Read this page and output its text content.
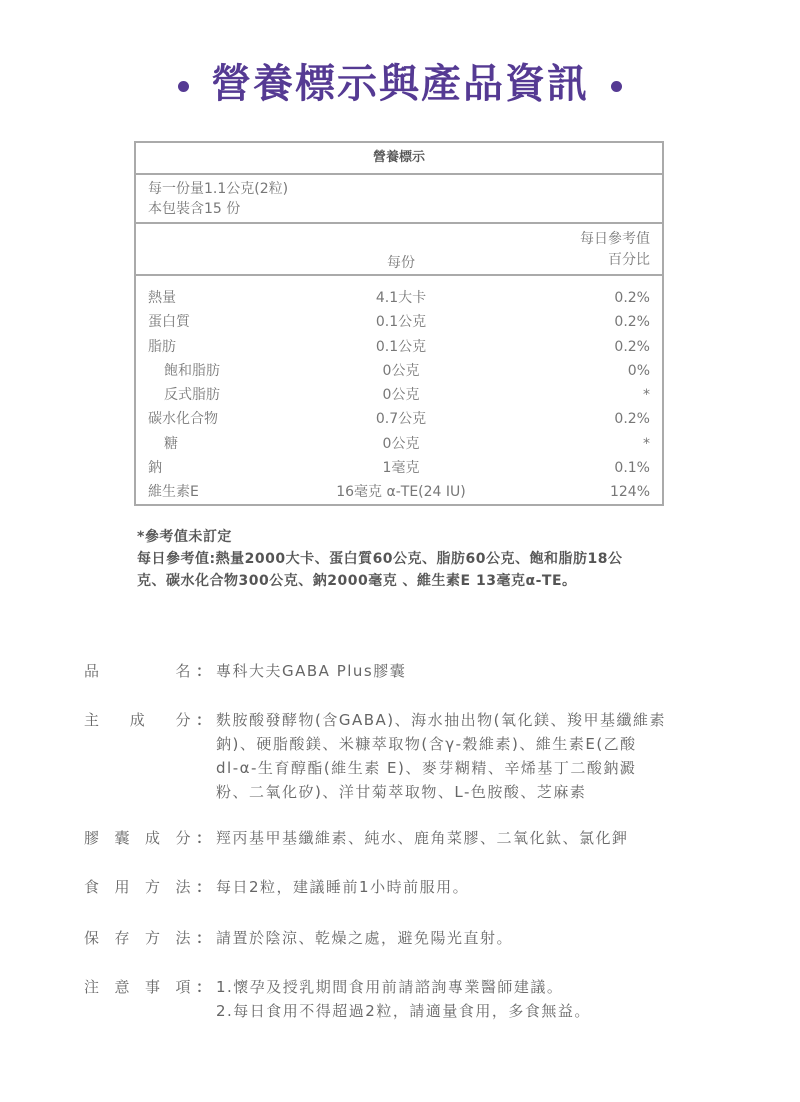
營養標示與產品資訊
營養標示
每一份量1.1公克(2粒)
本包裝含15 份
每份
每日參考值
百分比
熱量	4.1大卡	0.2%
蛋白質	0.1公克	0.2%
脂肪	0.1公克	0.2%
飽和脂肪	0公克	0%
反式脂肪	0公克	*
碳水化合物	0.7公克	0.2%
糖	0公克	*
鈉	1毫克	0.1%
維生素E	16毫克 α-TE(24 IU)	124%
*參考值未訂定
每日參考值:熱量2000大卡、蛋白質60公克、脂肪60公克、飽和脂肪18公
克、碳水化合物300公克、鈉2000毫克 、維生素E 13毫克α-TE。
品名 ： 專科大夫GABA Plus膠囊
主成分 ： 麩胺酸發酵物(含GABA)、海水抽出物(氧化鎂、羧甲基纖維素
鈉)、硬脂酸鎂、米糠萃取物(含γ-穀維素)、維生素E(乙酸
dl-α-生育醇酯(維生素 E)、麥芽糊精、辛烯基丁二酸鈉澱
粉、二氧化矽)、洋甘菊萃取物、L-色胺酸、芝麻素
膠囊成分 ： 羥丙基甲基纖維素、純水、鹿角菜膠、二氧化鈦、氯化鉀
食用方法 ： 每日2粒，建議睡前1小時前服用。
保存方法 ： 請置於陰涼、乾燥之處，避免陽光直射。
注意事項 ： 1.懷孕及授乳期間食用前請諮詢專業醫師建議。
2.每日食用不得超過2粒，請適量食用，多食無益。
